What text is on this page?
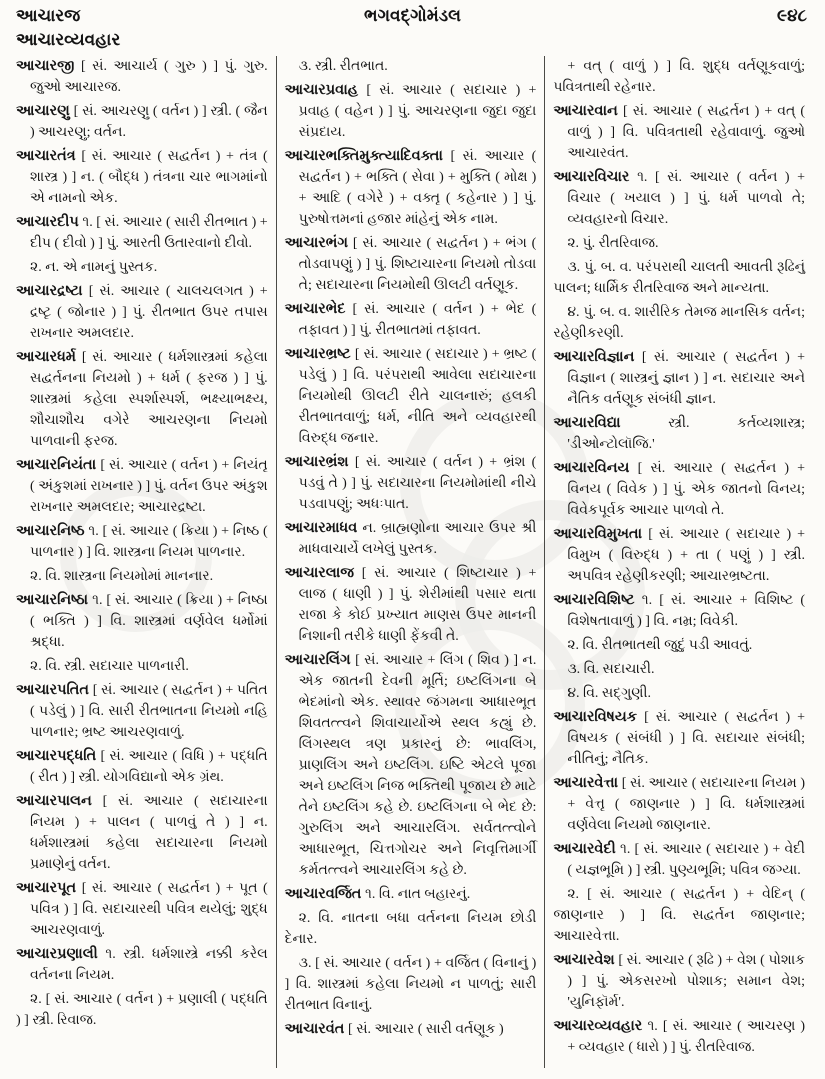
આચારજ	ભગવદ્ગોમંડલ	૯૪૮
આચારવ્યવહાર

આચારજી [ સં. આચાર્ય ( ગુરુ ) ] પું. ગુરુ. જુઓ આચારજ.

આચારણુ [ સં. આચરણુ ( વર્તન ) ] સ્ત્રી. ( જૈન ) આચરણુ; વર્તન.

આચારતંત્ર [ સં. આચાર ( સદ્વર્તન ) + તંત્ર ( શાસ્ત્ર ) ] ન. ( બૌદ્ધ ) તંત્રના ચાર ભાગમાંનો એ નામનો એક.

આચારદીપ ૧. [ સં. આચાર ( સારી રીતભાત ) + દીપ ( દીવો ) ] પું. આરતી ઉતારવાનો દીવો.

૨. ન. એ નામનું પુસ્તક.

આચારદ્રષ્ટા [ સં. આચાર ( ચાલચલગત ) + દ્રષ્ટૃ ( જોનાર ) ] પું. રીતભાત ઉપર તપાસ રાખનાર અમલદાર.

આચારધર્મ [ સં. આચાર ( ધર્મશાસ્ત્રમાં કહેલા સદ્વર્તનના નિયમો ) + ધર્મ ( ફરજ ) ] પું. શાસ્ત્રમાં કહેલા સ્પર્શાસ્પર્શ, ભક્ષ્યાભક્ષ્ય, શૌચાશૌચ વગેરે આચરણના નિયમો પાળવાની ફરજ.

આચારનિયંતા [ સં. આચાર ( વર્તન ) + નિયંતૃ ( અંકુશમાં રાખનાર ) ] પું. વર્તન ઉપર અંકુશ રાખનાર અમલદાર; આચારદ્રષ્ટા.

આચારનિષ્ઠ ૧. [ સં. આચાર ( ક્રિયા ) + નિષ્ઠ ( પાળનાર ) ] વિ. શાસ્ત્રના નિયમ પાળનાર.

૨. વિ. શાસ્ત્રના નિયમોમાં માનનાર.

આચારનિષ્ઠા ૧. [ સં. આચાર ( ક્રિયા ) + નિષ્ઠા ( ભક્તિ ) ] વિ. શાસ્ત્રમાં વર્ણવેલ ધર્મોમાં શ્રદ્ધા.

૨. વિ. સ્ત્રી. સદાચાર પાળનારી.

આચારપતિત [ સં. આચાર ( સદ્વર્તન ) + પતિત ( પડેલું ) ] વિ. સારી રીતભાતના નિયમો નહિ પાળનાર; ભ્રષ્ટ આચરણવાળું.

આચારપદ્ધતિ [ સં. આચાર ( વિધિ ) + પદ્ધતિ ( રીત ) ] સ્ત્રી. યોગવિદ્યાનો એક ગ્રંથ.

આચારપાલન [ સં. આચાર ( સદાચારના નિયમ ) + પાલન ( પાળવું તે ) ] ન. ધર્મશાસ્ત્રમાં કહેલા સદાચારના નિયમો પ્રમાણેનું વર્તન.

આચારપૂત [ સં. આચાર ( સદ્વર્તન ) + પૂત ( પવિત્ર ) ] વિ. સદાચારથી પવિત્ર થયેલું; શુદ્ધ આચરણવાળું.

આચારપ્રણાલી ૧. સ્ત્રી. ધર્મશાસ્ત્રે નક્કી કરેલ વર્તનના નિયમ.

૨. [ સં. આચાર ( વર્તન ) + પ્રણાલી ( પદ્ધતિ ) ] સ્ત્રી. રિવાજ.

૩. સ્ત્રી. રીતભાત.

આચારપ્રવાહ [ સં. આચાર ( સદાચાર ) + પ્રવાહ ( વહેન ) ] પું. આચરણના જુદા જુદા સંપ્રદાય.

આચારભક્તિમુક્ત્યાદિવક્તા [ સં. આચાર ( સદ્વર્તન ) + ભક્તિ ( સેવા ) + મુક્તિ ( મોક્ષ ) + આદિ ( વગેરે ) + વક્તૃ ( કહેનાર ) ] પું. પુરુષોત્તમનાં હજાર માંહેનું એક નામ.

આચારભંગ [ સં. આચાર ( સદ્વર્તન ) + ભંગ ( તોડવાપણું ) ] પું. શિષ્ટાચારના નિયમો તોડવા તે; સદાચારના નિયમોથી ઊલટી વર્તણૂક.

આચારભેદ [ સં. આચાર ( વર્તન ) + ભેદ ( તફાવત ) ] પું. રીતભાતમાં તફાવત.

આચારભ્રષ્ટ [ સં. આચાર ( સદાચાર ) + ભ્રષ્ટ ( પડેલું ) ] વિ. પરંપરાથી આવેલા સદાચારના નિયમોથી ઊલટી રીતે ચાલનારું; હલકી રીતભાતવાળું; ધર્મ, નીતિ અને વ્યવહારથી વિરુદ્ધ જનાર.

આચારભ્રંશ [ સં. આચાર ( વર્તન ) + ભ્રંશ ( પડવું તે ) ] પું. સદાચારના નિયમોમાંથી નીચે પડવાપણું; અધઃપાત.

આચારમાધવ ન. બ્રાહ્મણોના આચાર ઉપર શ્રી માધવાચાર્યે લખેલું પુસ્તક.

આચારલાજ [ સં. આચાર ( શિષ્ટાચાર ) + લાજ ( ધાણી ) ] પું. શેરીમાંથી પસાર થતા રાજા કે કોઈ પ્રખ્યાત માણસ ઉપર માનની નિશાની તરીકે ધાણી ફેંકવી તે.

આચારલિંગ [ સં. આચાર + લિંગ ( શિવ ) ] ન. એક જાતની દેવની મૂર્તિ; ઇષ્ટલિંગના બે ભેદમાંનો એક. સ્થાવર જંગમના આધારભૂત શિવતત્ત્વને શિવાચાર્યોએ સ્થલ કહ્યું છે. લિંગસ્થલ ત્રણ પ્રકારનું છે: ભાવલિંગ, પ્રાણલિંગ અને ઇષ્ટલિંગ. ઇષ્ટિ એટલે પૂજા અને ઇષ્ટલિંગ નિજ ભક્તિથી પૂજાય છે માટે તેને ઇષ્ટલિંગ કહે છે. ઇષ્ટલિંગના બે ભેદ છે: ગુરુલિંગ અને આચારલિંગ. સર્વતત્ત્વોને આધારભૂત, ચિત્તગોચર અને નિવૃત્તિમાર્ગી કર્મતત્ત્વને આચારલિંગ કહે છે.

આચારવર્જિત ૧. વિ. નાત બહારનું.

૨. વિ. નાતના બધા વર્તનના નિયમ છોડી દેનાર.

૩. [ સં. આચાર ( વર્તન ) + વર્જિત ( વિનાનું ) ] વિ. શાસ્ત્રમાં કહેલા નિયમો ન પાળતું; સારી રીતભાત વિનાનું.

આચારવંત [ સં. આચાર ( સારી વર્તણૂક )

+ વત્ ( વાળું ) ] વિ. શુદ્ધ વર્તણૂકવાળું; પવિત્રતાથી રહેનાર.

આચારવાન [ સં. આચાર ( સદ્વર્તન ) + વત્ ( વાળું ) ] વિ. પવિત્રતાથી રહેવાવાળું. જુઓ આચારવંત.

આચારવિચાર ૧. [ સં. આચાર ( વર્તન ) + વિચાર ( ખયાલ ) ] પું. ધર્મ પાળવો તે; વ્યવહારનો વિચાર.

૨. પું. રીતરિવાજ.

૩. પું. બ. વ. પરંપરાથી ચાલતી આવતી રૂઢિનું પાલન; ધાર્મિક રીતરિવાજ અને માન્યતા.

૪. પું. બ. વ. શારીરિક તેમજ માનસિક વર્તન; રહેણીકરણી.

આચારવિજ્ઞાન [ સં. આચાર ( સદ્વર્તન ) + વિજ્ઞાન ( શાસ્ત્રનું જ્ઞાન ) ] ન. સદાચાર અને નૈતિક વર્તણૂક સંબંધી જ્ઞાન.

આચારવિદ્યા સ્ત્રી. કર્તવ્યશાસ્ત્ર; 'ડીઓન્ટોલૉજિ.'

આચારવિનય [ સં. આચાર ( સદ્વર્તન ) + વિનય ( વિવેક ) ] પું. એક જાતનો વિનય; વિવેકપૂર્વક આચાર પાળવો તે.

આચારવિમુખતા [ સં. આચાર ( સદાચાર ) + વિમુખ ( વિરુદ્ધ ) + તા ( પણું ) ] સ્ત્રી. અપવિત્ર રહેણીકરણી; આચારભ્રષ્ટતા.

આચારવિશિષ્ટ ૧. [ સં. આચાર + વિશિષ્ટ ( વિશેષતાવાળું ) ] વિ. નમ્ર; વિવેકી.

૨. વિ. રીતભાતથી જુદું પડી આવતું.

૩. વિ. સદાચારી.

૪. વિ. સદ્ગુણી.

આચારવિષયક [ સં. આચાર ( સદ્વર્તન ) + વિષયક ( સંબંધી ) ] વિ. સદાચાર સંબંધી; નીતિનું; નૈતિક.

આચારવેત્તા [ સં. આચાર ( સદાચારના નિયમ ) + વેત્તૃ ( જાણનાર ) ] વિ. ધર્મશાસ્ત્રમાં વર્ણવેલા નિયમો જાણનાર.

આચારવેદી ૧. [ સં. આચાર ( સદાચાર ) + વેદી ( યજ્ઞભૂમિ ) ] સ્ત્રી. પુણ્યભૂમિ; પવિત્ર જગ્યા.

૨. [ સં. આચાર ( સદ્વર્તન ) + વેદિન્ ( જાણનાર ) ] વિ. સદ્વર્તન જાણનાર; આચારવેત્તા.

આચારવેશ [ સં. આચાર ( રૂઢિ ) + વેશ ( પોશાક ) ] પું. એકસરખો પોશાક; સમાન વેશ; 'યુનિફૉર્મ'.

આચારવ્યવહાર ૧. [ સં. આચાર ( આચરણ ) + વ્યવહાર ( ધારો ) ] પું. રીતરિવાજ.
